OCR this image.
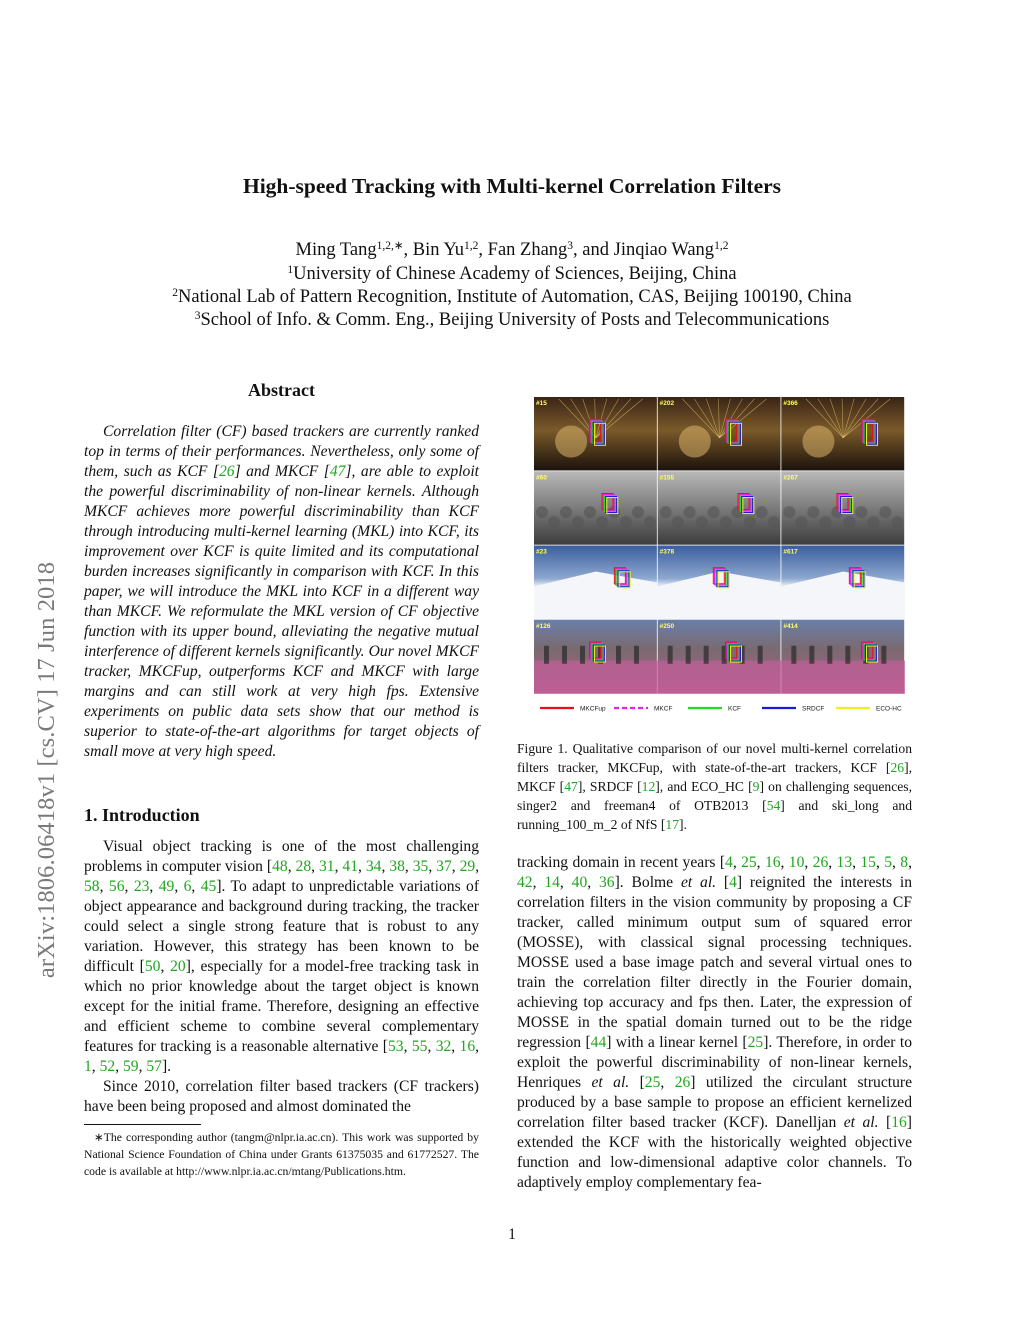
arXiv:1806.06418v1 [cs.CV] 17 Jun 2018
High-speed Tracking with Multi-kernel Correlation Filters
Ming Tang$^{1,2,∗}$, Bin Yu$^{1,2}$, Fan Zhang$^3$, and Jinqiao Wang$^{1,2}$
$^1$University of Chinese Academy of Sciences, Beijing, China
$^2$National Lab of Pattern Recognition, Institute of Automation, CAS, Beijing 100190, China
$^3$School of Info. & Comm. Eng., Beijing University of Posts and Telecommunications
Abstract

Correlation filter (CF) based trackers are currently ranked top in terms of their performances. Nevertheless, only some of them, such as KCF [26] and MKCF [47], are able to exploit the powerful discriminability of non-linear kernels. Although MKCF achieves more powerful discriminability than KCF through introducing multi-kernel learning (MKL) into KCF, its improvement over KCF is quite limited and its computational burden increases significantly in comparison with KCF. In this paper, we will introduce the MKL into KCF in a different way than MKCF. We reformulate the MKL version of CF objective function with its upper bound, alleviating the negative mutual interference of different kernels significantly. Our novel MKCF tracker, MKCFup, outperforms KCF and MKCF with large margins and can still work at very high fps. Extensive experiments on public data sets show that our method is superior to state-of-the-art algorithms for target objects of small move at very high speed.

1. Introduction

Visual object tracking is one of the most challenging problems in computer vision [48, 28, 31, 41, 34, 38, 35, 37, 29, 58, 56, 23, 49, 6, 45]. To adapt to unpredictable variations of object appearance and background during tracking, the tracker could select a single strong feature that is robust to any variation. However, this strategy has been known to be difficult [50, 20], especially for a model-free tracking task in which no prior knowledge about the target object is known except for the initial frame. Therefore, designing an effective and efficient scheme to combine several complementary features for tracking is a reasonable alternative [53, 55, 32, 16, 1, 52, 59, 57].

Since 2010, correlation filter based trackers (CF trackers) have been being proposed and almost dominated the

∗The corresponding author (tangm@nlpr.ia.ac.cn). This work was supported by National Science Foundation of China under Grants 61375035 and 61772527. The code is available at http://www.nlpr.ia.ac.cn/mtang/Publications.htm.

#15	#202	#366
#60	#155	#267
#23	#378	#617
#126	#250	#414
MKCFup	MKCF	KCF	SRDCF	ECO-HC
Figure 1. Qualitative comparison of our novel multi-kernel correlation filters tracker, MKCFup, with state-of-the-art trackers, KCF [26], MKCF [47], SRDCF [12], and ECO_HC [9] on challenging sequences, singer2 and freeman4 of OTB2013 [54] and ski_long and running_100_m_2 of NfS [17].
tracking domain in recent years [4, 25, 16, 10, 26, 13, 15, 5, 8, 42, 14, 40, 36]. Bolme et al. [4] reignited the interests in correlation filters in the vision community by proposing a CF tracker, called minimum output sum of squared error (MOSSE), with classical signal processing techniques. MOSSE used a base image patch and several virtual ones to train the correlation filter directly in the Fourier domain, achieving top accuracy and fps then. Later, the expression of MOSSE in the spatial domain turned out to be the ridge regression [44] with a linear kernel [25]. Therefore, in order to exploit the powerful discriminability of non-linear kernels, Henriques et al. [25, 26] utilized the circulant structure produced by a base sample to propose an efficient kernelized correlation filter based tracker (KCF). Danelljan et al. [16] extended the KCF with the historically weighted objective function and low-dimensional adaptive color channels. To adaptively employ complementary fea-
1
